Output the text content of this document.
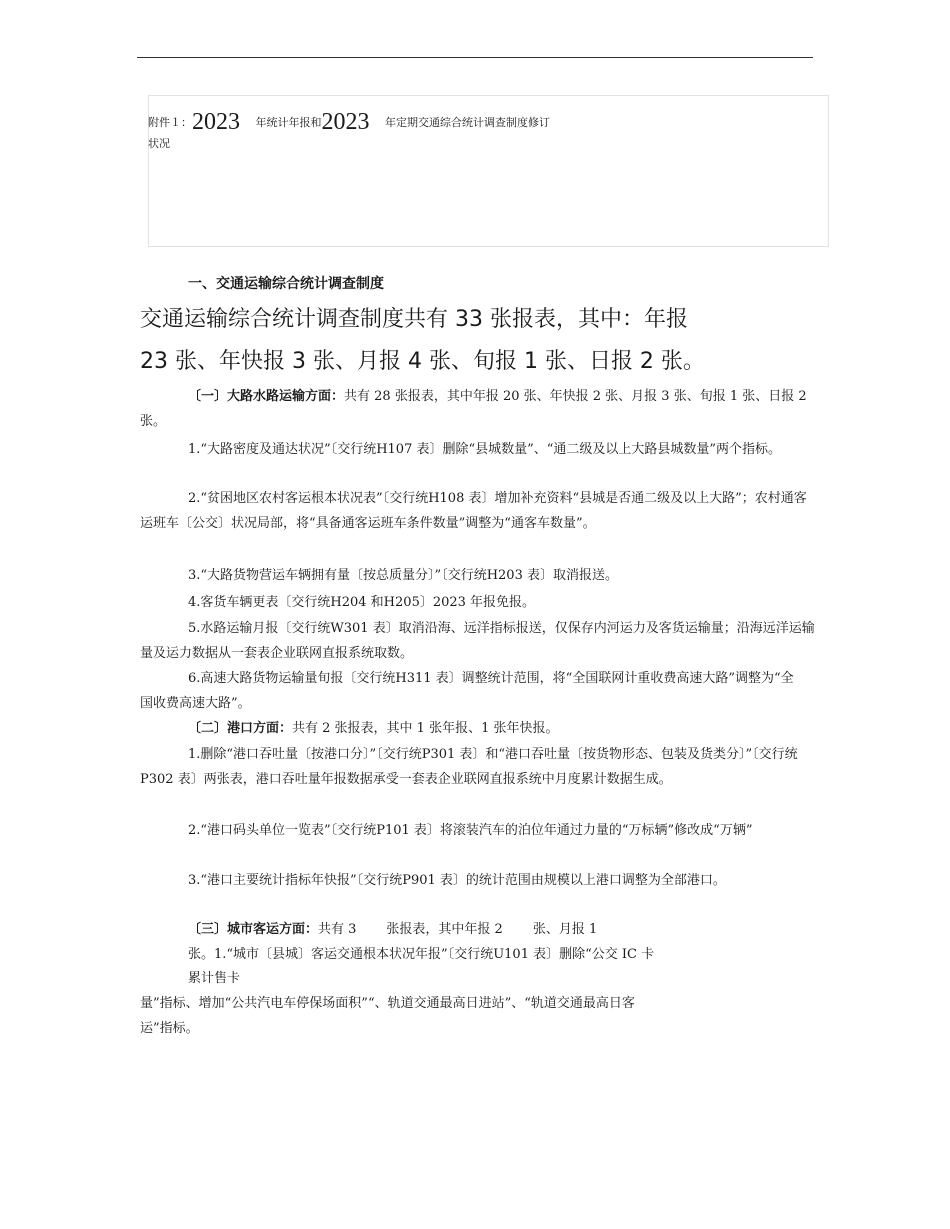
附件１：2023 年统计年报和2023 年定期交通综合统计调查制度修订
状况
一、交通运输综合统计调查制度
交通运输综合统计调查制度共有 33 张报表，其中：年报
23 张、年快报 3 张、月报 4 张、旬报 1 张、日报 2 张。

〔一〕大路水路运输方面：共有 28 张报表，其中年报 20 张、年快报 2 张、月报 3 张、旬报 1 张、日报 2 张。

1.“大路密度及通达状况”〔交行统H107 表〕删除“县城数量”、“通二级及以上大路县城数量”两个指标。

2.“贫困地区农村客运根本状况表”〔交行统H108 表〕增加补充资料“县城是否通二级及以上大路”；农村通客运班车〔公交〕状况局部，将“具备通客运班车条件数量”调整为“通客车数量”。

3.“大路货物营运车辆拥有量〔按总质量分〕”〔交行统H203 表〕取消报送。

4.客货车辆更表〔交行统H204 和H205〕2023 年报免报。

5.水路运输月报〔交行统W301 表〕取消沿海、远洋指标报送，仅保存内河运力及客货运输量；沿海远洋运输量及运力数据从一套表企业联网直报系统取数。

6.高速大路货物运输量旬报〔交行统H311 表〕调整统计范围，将“全国联网计重收费高速大路”调整为“全国收费高速大路”。

〔二〕港口方面：共有 2 张报表，其中 1 张年报、1 张年快报。

1.删除“港口吞吐量〔按港口分〕”〔交行统P301 表〕和“港口吞吐量〔按货物形态、包装及货类分〕”〔交行统P302 表〕两张表，港口吞吐量年报数据承受一套表企业联网直报系统中月度累计数据生成。

2.“港口码头单位一览表”〔交行统P101 表〕将滚装汽车的泊位年通过力量的“万标辆”修改成“万辆”

3.“港口主要统计指标年快报”〔交行统P901 表〕的统计范围由规模以上港口调整为全部港口。

〔三〕城市客运方面：共有 3 张报表，其中年报 2 张、月报 1
张。1.“城市〔县城〕客运交通根本状况年报”〔交行统U101 表〕删除“公交 IC 卡
累计售卡
量”指标、增加“公共汽电车停保场面积”“、轨道交通最高日进站”、“轨道交通最高日客
运”指标。
